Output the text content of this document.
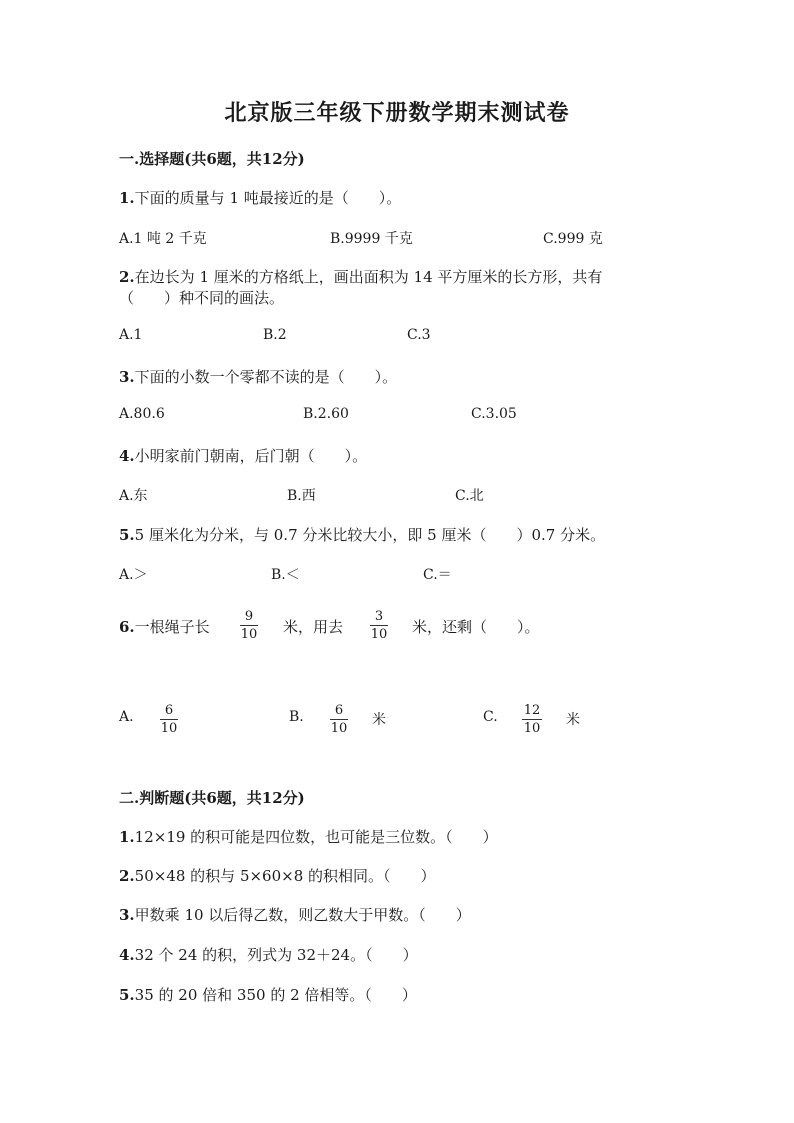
北京版三年级下册数学期末测试卷
一.选择题(共6题，共12分)
1.下面的质量与 1 吨最接近的是（　　）。
A.1 吨 2 千克	B.9999 千克	C.999 克
2.在边长为 1 厘米的方格纸上，画出面积为 14 平方厘米的长方形，共有
（　　）种不同的画法。
A.1	B.2	C.3
3.下面的小数一个零都不读的是（　　）。
A.80.6	B.2.60	C.3.05
4.小明家前门朝南，后门朝（　　）。
A.东	B.西	C.北
5.5 厘米化为分米，与 0.7 分米比较大小，即 5 厘米（　　）0.7 分米。
A.＞	B.＜	C.＝
6.一根绳子长
9
10 米，用去
3
10 米，还剩（　　）。
A.	6
10
B.	6
10
米	C. 12
10
米
二.判断题(共6题，共12分)
1.12×19 的积可能是四位数，也可能是三位数。（　　）
2.50×48 的积与 5×60×8 的积相同。（　　）
3.甲数乘 10 以后得乙数，则乙数大于甲数。（　　）
4.32 个 24 的积，列式为 32＋24。（　　）
5.35 的 20 倍和 350 的 2 倍相等。（　　）
